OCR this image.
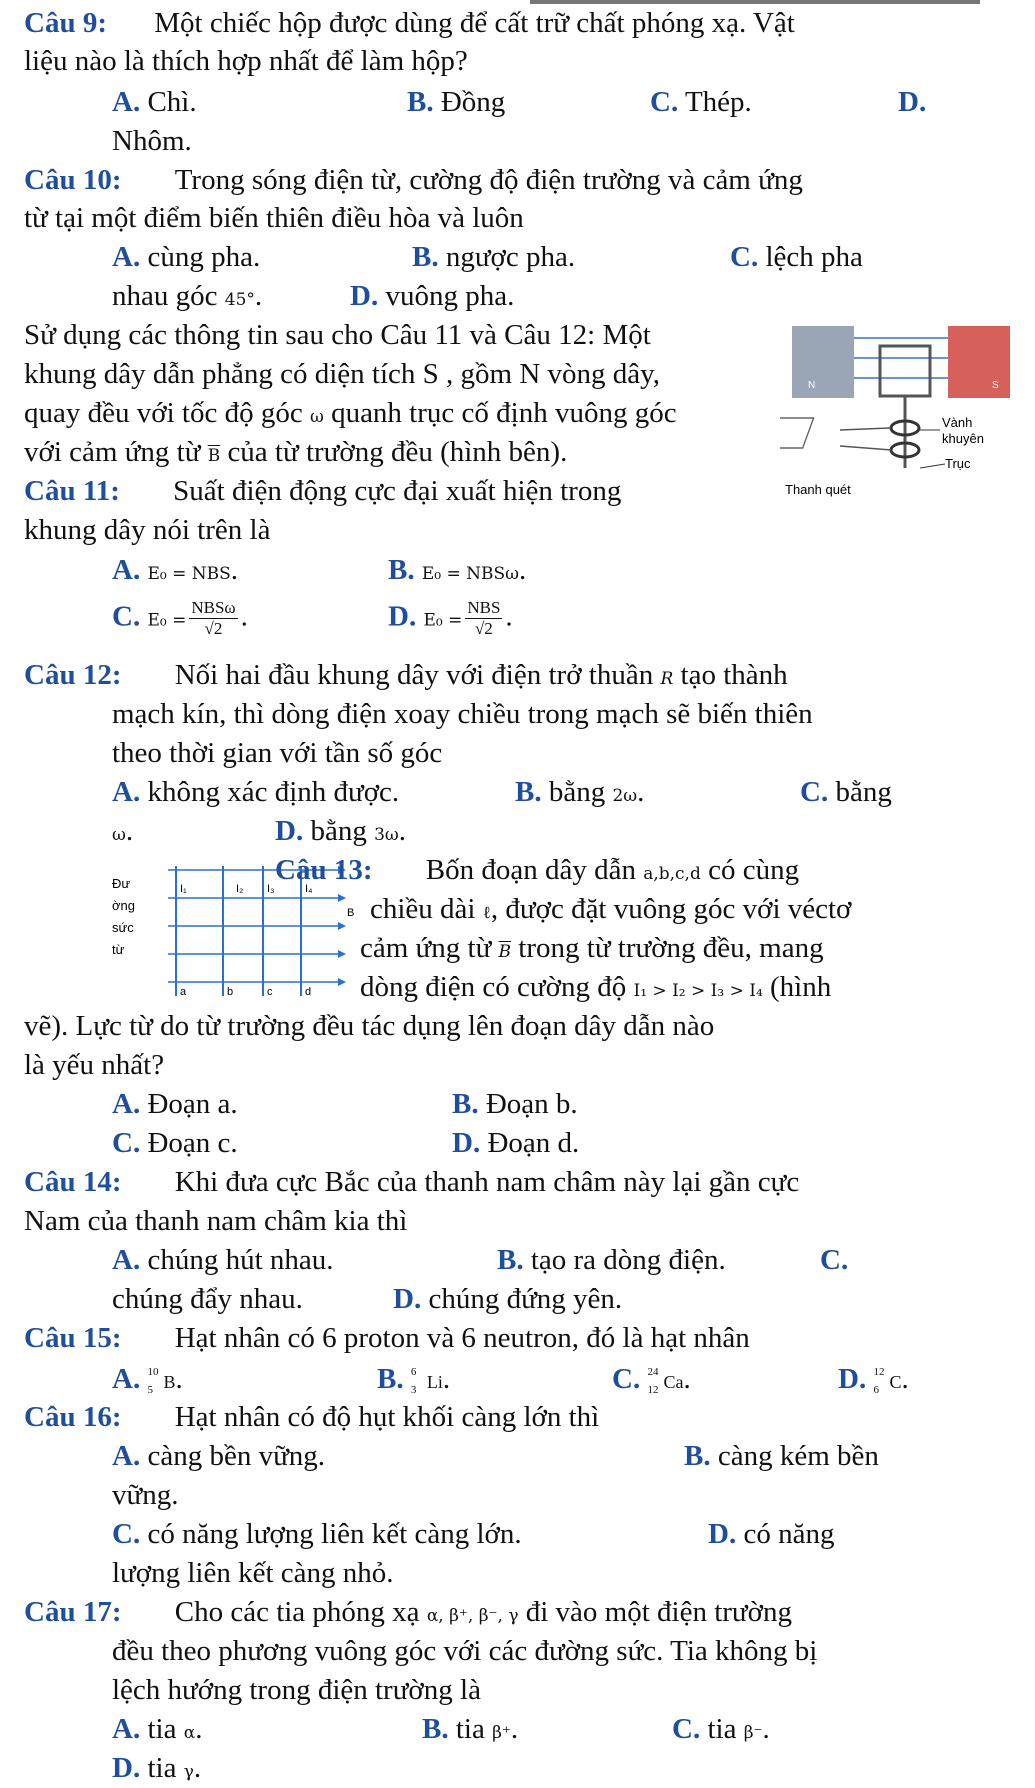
Câu 9: Một chiếc hộp được dùng để cất trữ chất phóng xạ. Vật
liệu nào là thích hợp nhất để làm hộp?
A. Chì.	B. Đồng	C. Thép.	D.
Nhôm.
Câu 10: Trong sóng điện từ, cường độ điện trường và cảm ứng
từ tại một điểm biến thiên điều hòa và luôn
A. cùng pha.	B. ngược pha.	C. lệch pha
nhau góc 45°.	D. vuông pha.
Sử dụng các thông tin sau cho Câu 11 và Câu 12: Một
khung dây dẫn phẳng có diện tích S , gồm N vòng dây,
quay đều với tốc độ góc ω quanh trục cố định vuông góc
với cảm ứng từ $\overline{B}$ của từ trường đều (hình bên).
N	S
Vành
khuyên
Trục
Thanh quét
Câu 11: Suất điện động cực đại xuất hiện trong
khung dây nói trên là
A. E₀ = NBS.	B. E₀ = NBSω.
C. $E_0 = \frac{\text{NBSω}}{√2}$ .	D. $E_0 = \frac{\text{NBS}}{√2}$ .
Câu 12: Nối hai đầu khung dây với điện trở thuần R tạo thành
mạch kín, thì dòng điện xoay chiều trong mạch sẽ biến thiên
theo thời gian với tần số góc
A. không xác định được.	B. bằng 2ω.	C. bằng
ω.	D. bằng 3ω.
Đư
ờng
sức
từ
I₁	I₂ I₃	I₄
a	b	c	d
B
Câu 13: Bốn đoạn dây dẫn a,b,c,d có cùng
chiều dài ℓ, được đặt vuông góc với véctơ
cảm ứng từ $\overline{B}$ trong từ trường đều, mang
dòng điện có cường độ I₁ > I₂ > I₃ > I₄ (hình
vẽ). Lực từ do từ trường đều tác dụng lên đoạn dây dẫn nào
là yếu nhất?
A. Đoạn a.	B. Đoạn b.
C. Đoạn c.	D. Đoạn d.
Câu 14: Khi đưa cực Bắc của thanh nam châm này lại gần cực
Nam của thanh nam châm kia thì
A. chúng hút nhau.	B. tạo ra dòng điện.	C.
chúng đẩy nhau.	D. chúng đứng yên.
Câu 15: Hạt nhân có 6 proton và 6 neutron, đó là hạt nhân
A. 10
5 B.	B. 6
3 Li.	C. 24
12 Ca.	D. 12
6 C.
Câu 16: Hạt nhân có độ hụt khối càng lớn thì
A. càng bền vững.	B. càng kém bền
vững.
C. có năng lượng liên kết càng lớn.	D. có năng
lượng liên kết càng nhỏ.
Câu 17: Cho các tia phóng xạ α, β⁺, β⁻, γ đi vào một điện trường
đều theo phương vuông góc với các đường sức. Tia không bị
lệch hướng trong điện trường là
A. tia α.	B. tia β⁺.	C. tia β⁻.
D. tia γ.
